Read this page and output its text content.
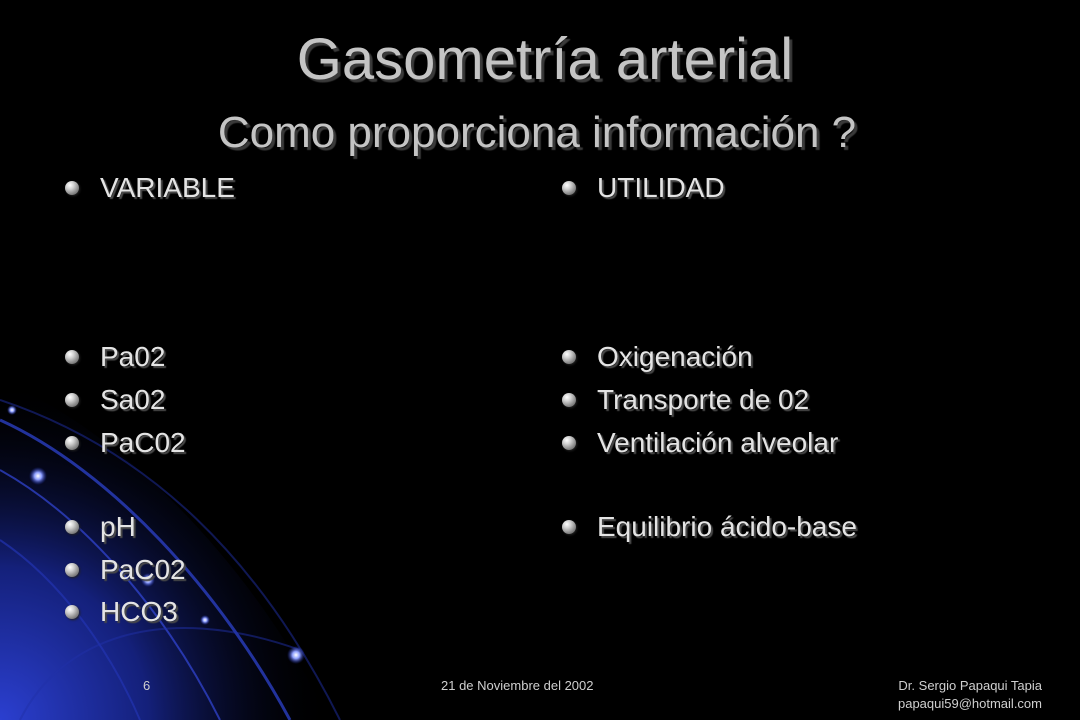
Gasometría arterial
Como proporciona información ?
VARIABLE
Pa02
Sa02
PaC02
pH
PaC02
HCO3
UTILIDAD
Oxigenación
Transporte de 02
Ventilación alveolar
Equilibrio ácido-base
6	21 de Noviembre del 2002	Dr. Sergio Papaqui Tapia
papaqui59@hotmail.com
